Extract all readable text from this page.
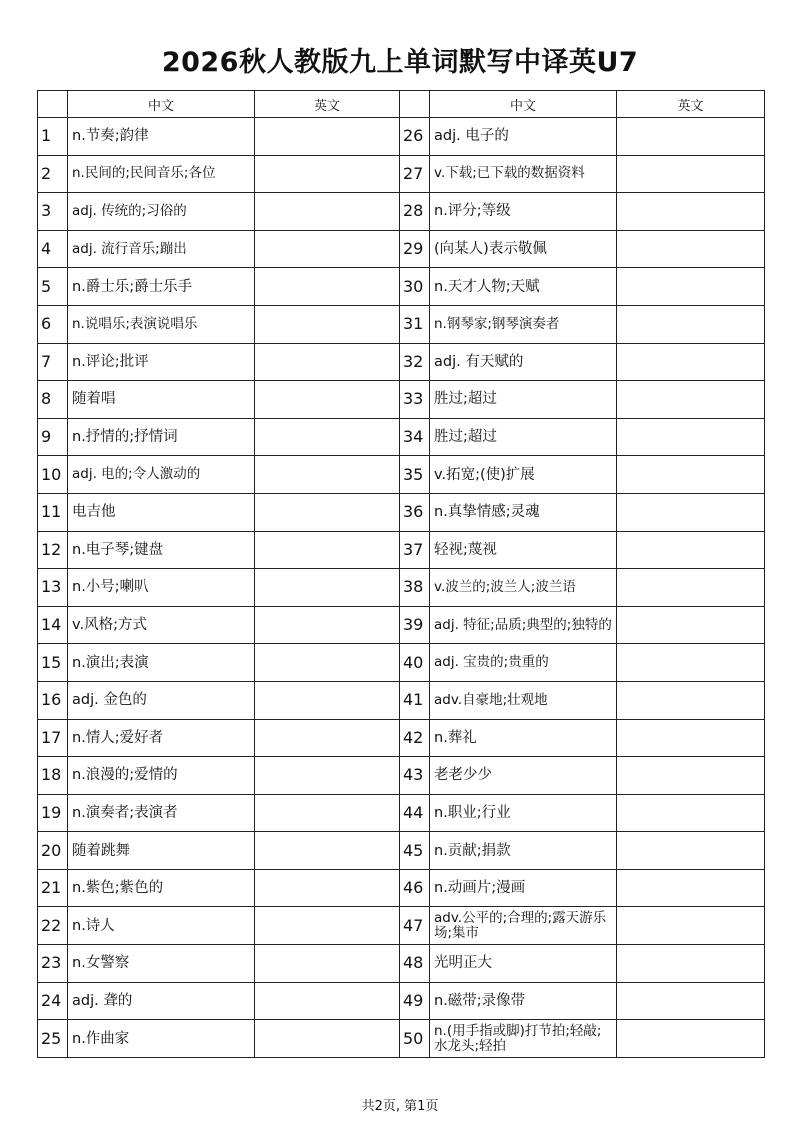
2026秋人教版九上单词默写中译英U7
	中文	英文		中文	英文
1	n.节奏;韵律		26	adj. 电子的	
2	n.民间的;民间音乐;各位		27	v.下载;已下载的数据资料	
3	adj. 传统的;习俗的		28	n.评分;等级	
4	adj. 流行音乐;蹦出		29	(向某人)表示敬佩	
5	n.爵士乐;爵士乐手		30	n.天才人物;天赋	
6	n.说唱乐;表演说唱乐		31	n.钢琴家;钢琴演奏者	
7	n.评论;批评		32	adj. 有天赋的	
8	随着唱		33	胜过;超过	
9	n.抒情的;抒情词		34	胜过;超过	
10	adj. 电的;令人激动的		35	v.拓宽;(使)扩展	
11	电吉他		36	n.真挚情感;灵魂	
12	n.电子琴;键盘		37	轻视;蔑视	
13	n.小号;喇叭		38	v.波兰的;波兰人;波兰语	
14	v.风格;方式		39	adj. 特征;品质;典型的;独特的	
15	n.演出;表演		40	adj. 宝贵的;贵重的	
16	adj. 金色的		41	adv.自豪地;壮观地	
17	n.情人;爱好者		42	n.葬礼	
18	n.浪漫的;爱情的		43	老老少少	
19	n.演奏者;表演者		44	n.职业;行业	
20	随着跳舞		45	n.贡献;捐款	
21	n.紫色;紫色的		46	n.动画片;漫画	
22	n.诗人		47	adv.公平的;合理的;露天游乐场;集市	
23	n.女警察		48	光明正大	
24	adj. 聋的		49	n.磁带;录像带	
25	n.作曲家		50	n.(用手指或脚)打节拍;轻敲;水龙头;轻拍	
共2页, 第1页
